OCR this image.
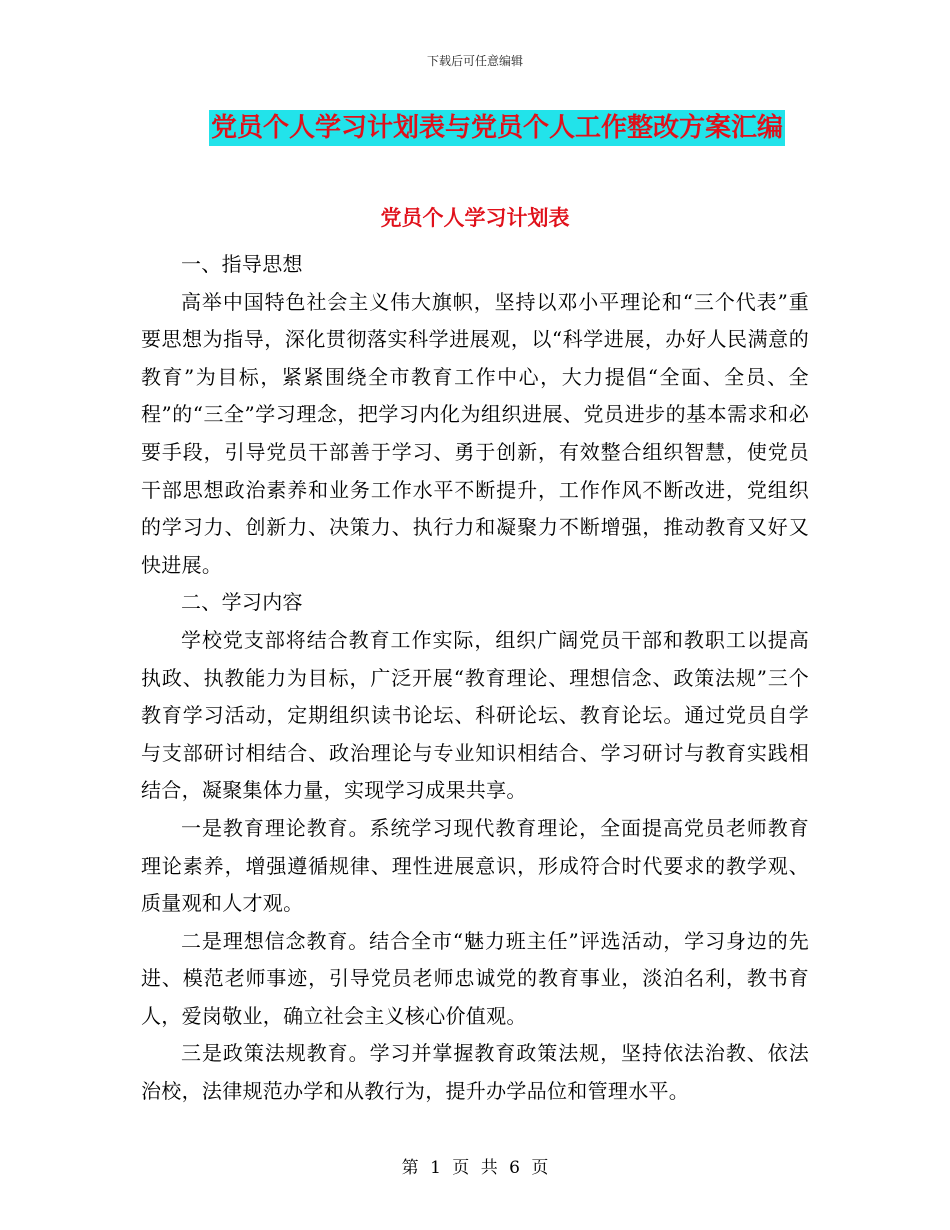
下载后可任意编辑
党员个人学习计划表与党员个人工作整改方案汇编
党员个人学习计划表

一、指导思想

高举中国特色社会主义伟大旗帜，坚持以邓小平理论和“三个代表”重要思想为指导，深化贯彻落实科学进展观，以“科学进展，办好人民满意的教育”为目标，紧紧围绕全市教育工作中心，大力提倡“全面、全员、全程”的“三全”学习理念，把学习内化为组织进展、党员进步的基本需求和必要手段，引导党员干部善于学习、勇于创新，有效整合组织智慧，使党员干部思想政治素养和业务工作水平不断提升，工作作风不断改进，党组织的学习力、创新力、决策力、执行力和凝聚力不断增强，推动教育又好又快进展。

二、学习内容

学校党支部将结合教育工作实际，组织广阔党员干部和教职工以提高执政、执教能力为目标，广泛开展“教育理论、理想信念、政策法规”三个教育学习活动，定期组织读书论坛、科研论坛、教育论坛。通过党员自学与支部研讨相结合、政治理论与专业知识相结合、学习研讨与教育实践相结合，凝聚集体力量，实现学习成果共享。

一是教育理论教育。系统学习现代教育理论，全面提高党员老师教育理论素养，增强遵循规律、理性进展意识，形成符合时代要求的教学观、质量观和人才观。

二是理想信念教育。结合全市“魅力班主任”评选活动，学习身边的先进、模范老师事迹，引导党员老师忠诚党的教育事业，淡泊名利，教书育人，爱岗敬业，确立社会主义核心价值观。

三是政策法规教育。学习并掌握教育政策法规，坚持依法治教、依法治校，法律规范办学和从教行为，提升办学品位和管理水平。

第 1 页 共 6 页
